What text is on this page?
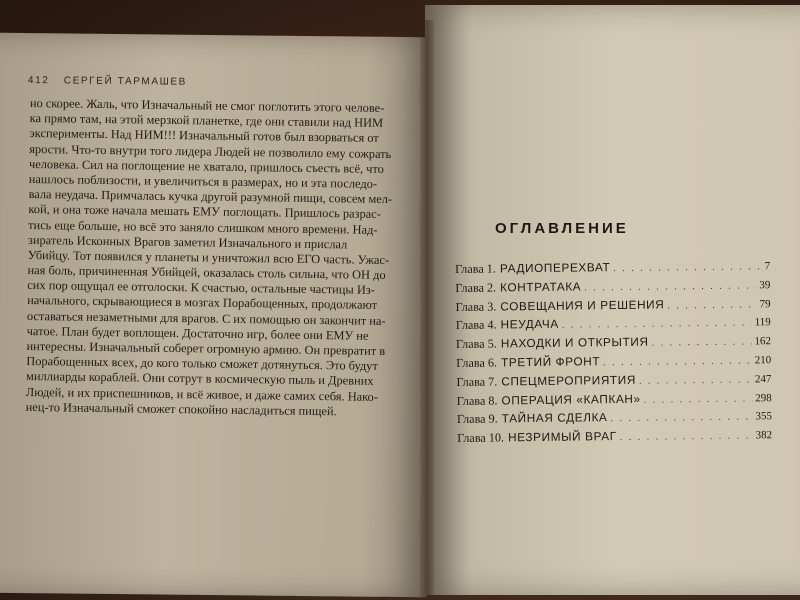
412 СЕРГЕЙ ТАРМАШЕВ
но скорее. Жаль, что Изначальный не смог поглотить этого челове-
ка прямо там, на этой мерзкой планетке, где они ставили над НИМ
эксперименты. Над НИМ!!! Изначальный готов был взорваться от
ярости. Что-то внутри того лидера Людей не позволило ему сожрать
человека. Сил на поглощение не хватало, пришлось съесть всё, что
нашлось поблизости, и увеличиться в размерах, но и эта последо-
вала неудача. Примчалась кучка другой разумной пищи, совсем мел-
кой, и она тоже начала мешать ЕМУ поглощать. Пришлось разрас-
тись еще больше, но всё это заняло слишком много времени. Над-
зиратель Исконных Врагов заметил Изначального и прислал
Убийцу. Тот появился у планеты и уничтожил всю ЕГО часть. Ужас-
ная боль, причиненная Убийцей, оказалась столь сильна, что ОН до
сих пор ощущал ее отголоски. К счастью, остальные частицы Из-
начального, скрывающиеся в мозгах Порабощенных, продолжают
оставаться незаметными для врагов. С их помощью он закончит на-
чатое. План будет воплощен. Достаточно игр, более они ЕМУ не
интересны. Изначальный соберет огромную армию. Он превратит в
Порабощенных всех, до кого только сможет дотянуться. Это будут
миллиарды кораблей. Они сотрут в космическую пыль и Древних
Людей, и их приспешников, и всё живое, и даже самих себя. Нако-
нец-то Изначальный сможет спокойно насладиться пищей.
ОГЛАВЛЕНИЕ
Глава 1. РАДИОПЕРЕХВАТ . . .	7
Глава 2. КОНТРАТАКА . . .	39
Глава 3. СОВЕЩАНИЯ И РЕШЕНИЯ . . .	79
Глава 4. НЕУДАЧА . . .	119
Глава 5. НАХОДКИ И ОТКРЫТИЯ . . .	162
Глава 6. ТРЕТИЙ ФРОНТ . . .	210
Глава 7. СПЕЦМЕРОПРИЯТИЯ . . .	247
Глава 8. ОПЕРАЦИЯ «КАПКАН» . . .	298
Глава 9. ТАЙНАЯ СДЕЛКА . . .	355
Глава 10. НЕЗРИМЫЙ ВРАГ . . .	382
